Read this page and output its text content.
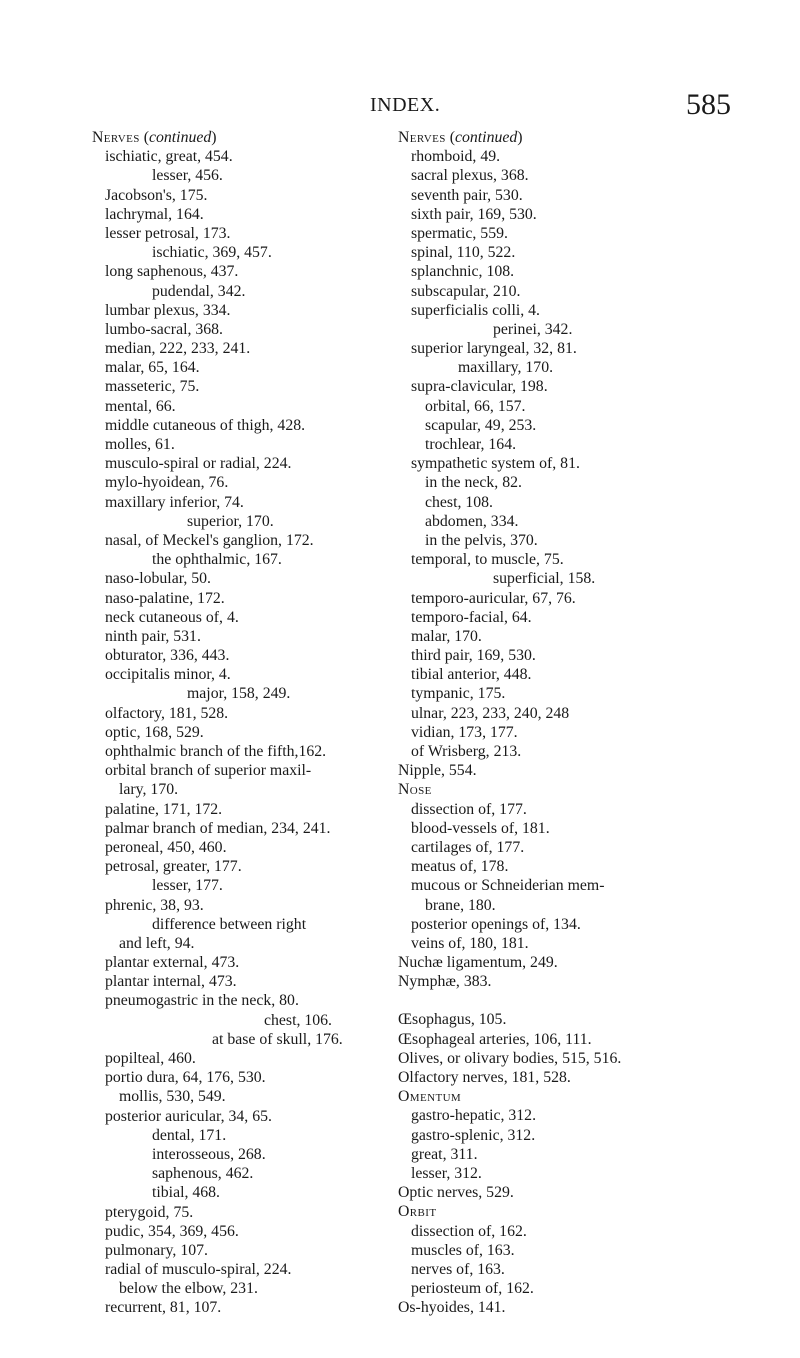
INDEX.	585
Nerves (continued)
ischiatic, great, 454.
lesser, 456.
Jacobson's, 175.
lachrymal, 164.
lesser petrosal, 173.
ischiatic, 369, 457.
long saphenous, 437.
pudendal, 342.
lumbar plexus, 334.
lumbo-sacral, 368.
median, 222, 233, 241.
malar, 65, 164.
masseteric, 75.
mental, 66.
middle cutaneous of thigh, 428.
molles, 61.
musculo-spiral or radial, 224.
mylo-hyoidean, 76.
maxillary inferior, 74.
superior, 170.
nasal, of Meckel's ganglion, 172.
the ophthalmic, 167.
naso-lobular, 50.
naso-palatine, 172.
neck cutaneous of, 4.
ninth pair, 531.
obturator, 336, 443.
occipitalis minor, 4.
major, 158, 249.
olfactory, 181, 528.
optic, 168, 529.
ophthalmic branch of the fifth,162.
orbital branch of superior maxil-
lary, 170.
palatine, 171, 172.
palmar branch of median, 234, 241.
peroneal, 450, 460.
petrosal, greater, 177.
lesser, 177.
phrenic, 38, 93.
difference between right
and left, 94.
plantar external, 473.
plantar internal, 473.
pneumogastric in the neck, 80.
chest, 106.
at base of skull, 176.
popilteal, 460.
portio dura, 64, 176, 530.
mollis, 530, 549.
posterior auricular, 34, 65.
dental, 171.
interosseous, 268.
saphenous, 462.
tibial, 468.
pterygoid, 75.
pudic, 354, 369, 456.
pulmonary, 107.
radial of musculo-spiral, 224.
below the elbow, 231.
recurrent, 81, 107.
Nerves (continued)
rhomboid, 49.
sacral plexus, 368.
seventh pair, 530.
sixth pair, 169, 530.
spermatic, 559.
spinal, 110, 522.
splanchnic, 108.
subscapular, 210.
superficialis colli, 4.
perinei, 342.
superior laryngeal, 32, 81.
maxillary, 170.
supra-clavicular, 198.
orbital, 66, 157.
scapular, 49, 253.
trochlear, 164.
sympathetic system of, 81.
in the neck, 82.
chest, 108.
abdomen, 334.
in the pelvis, 370.
temporal, to muscle, 75.
superficial, 158.
temporo-auricular, 67, 76.
temporo-facial, 64.
malar, 170.
third pair, 169, 530.
tibial anterior, 448.
tympanic, 175.
ulnar, 223, 233, 240, 248
vidian, 173, 177.
of Wrisberg, 213.
Nipple, 554.
Nose
dissection of, 177.
blood-vessels of, 181.
cartilages of, 177.
meatus of, 178.
mucous or Schneiderian mem-
brane, 180.
posterior openings of, 134.
veins of, 180, 181.
Nuchæ ligamentum, 249.
Nymphæ, 383.
Œsophagus, 105.
Œsophageal arteries, 106, 111.
Olives, or olivary bodies, 515, 516.
Olfactory nerves, 181, 528.
Omentum
gastro-hepatic, 312.
gastro-splenic, 312.
great, 311.
lesser, 312.
Optic nerves, 529.
Orbit
dissection of, 162.
muscles of, 163.
nerves of, 163.
periosteum of, 162.
Os-hyoides, 141.
